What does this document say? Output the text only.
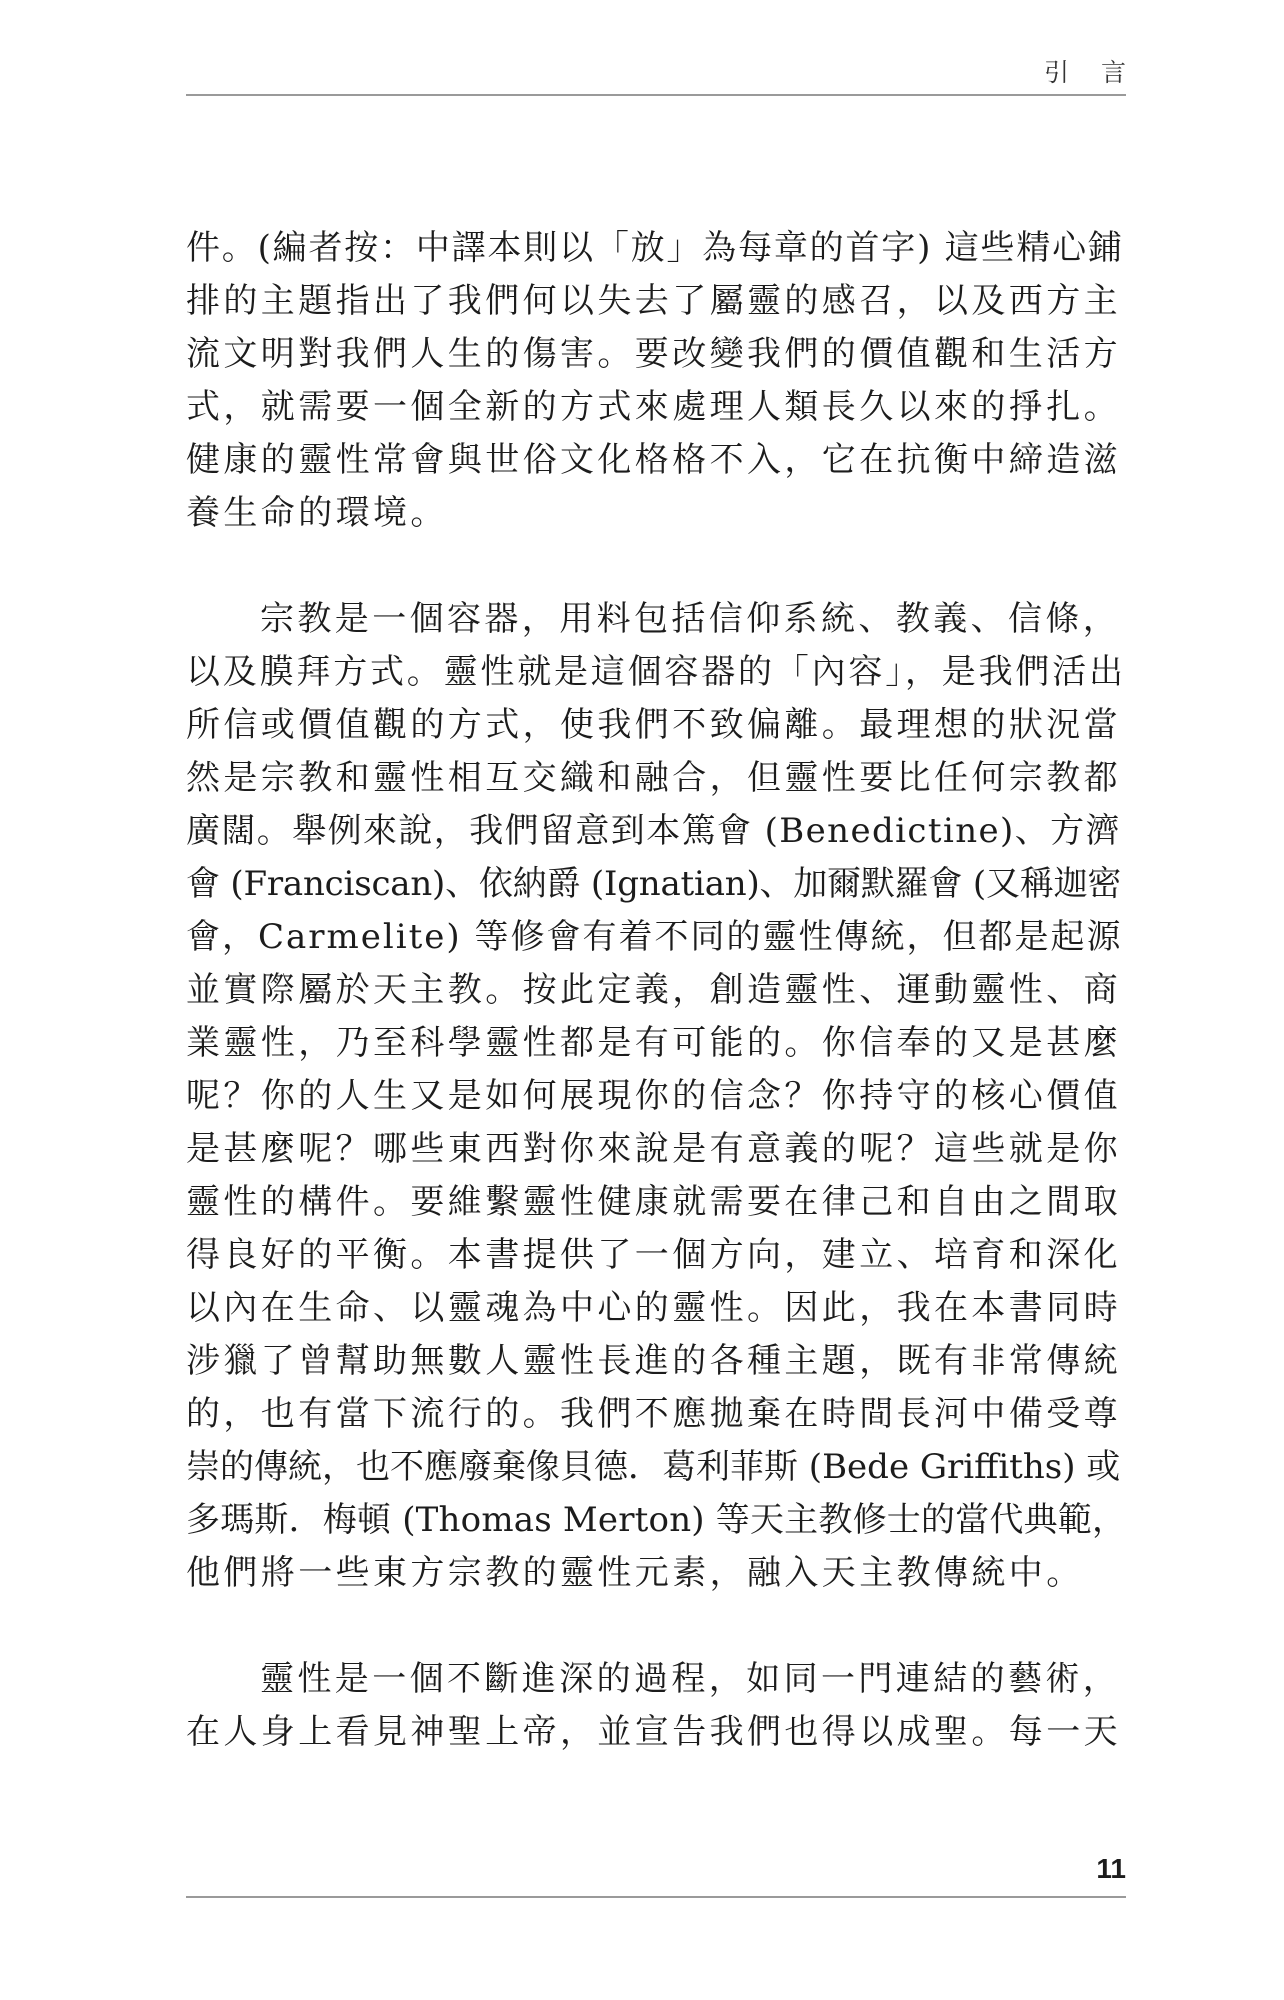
引 言

件。(編者按：中譯本則以「放」為每章的首字) 這些精心鋪
排的主題指出了我們何以失去了屬靈的感召，以及西方主
流文明對我們人生的傷害。要改變我們的價值觀和生活方
式，就需要一個全新的方式來處理人類長久以來的掙扎。
健康的靈性常會與世俗文化格格不入，它在抗衡中締造滋
養生命的環境。

宗教是一個容器，用料包括信仰系統、教義、信條，
以及膜拜方式。靈性就是這個容器的「內容」，是我們活出
所信或價值觀的方式，使我們不致偏離。最理想的狀況當
然是宗教和靈性相互交織和融合，但靈性要比任何宗教都
廣闊。舉例來說，我們留意到本篤會 (Benedictine)、方濟
會 (Franciscan)、依納爵 (Ignatian)、加爾默羅會 (又稱迦密
會，Carmelite) 等修會有着不同的靈性傳統，但都是起源
並實際屬於天主教。按此定義，創造靈性、運動靈性、商
業靈性，乃至科學靈性都是有可能的。你信奉的又是甚麼
呢？你的人生又是如何展現你的信念？你持守的核心價值
是甚麼呢？哪些東西對你來說是有意義的呢？這些就是你
靈性的構件。要維繫靈性健康就需要在律己和自由之間取
得良好的平衡。本書提供了一個方向，建立、培育和深化
以內在生命、以靈魂為中心的靈性。因此，我在本書同時
涉獵了曾幫助無數人靈性長進的各種主題，既有非常傳統
的，也有當下流行的。我們不應拋棄在時間長河中備受尊
崇的傳統，也不應廢棄像貝德．葛利菲斯 (Bede Griffiths) 或
多瑪斯．梅頓 (Thomas Merton) 等天主教修士的當代典範，
他們將一些東方宗教的靈性元素，融入天主教傳統中。

靈性是一個不斷進深的過程，如同一門連結的藝術，
在人身上看見神聖上帝，並宣告我們也得以成聖。每一天

11
